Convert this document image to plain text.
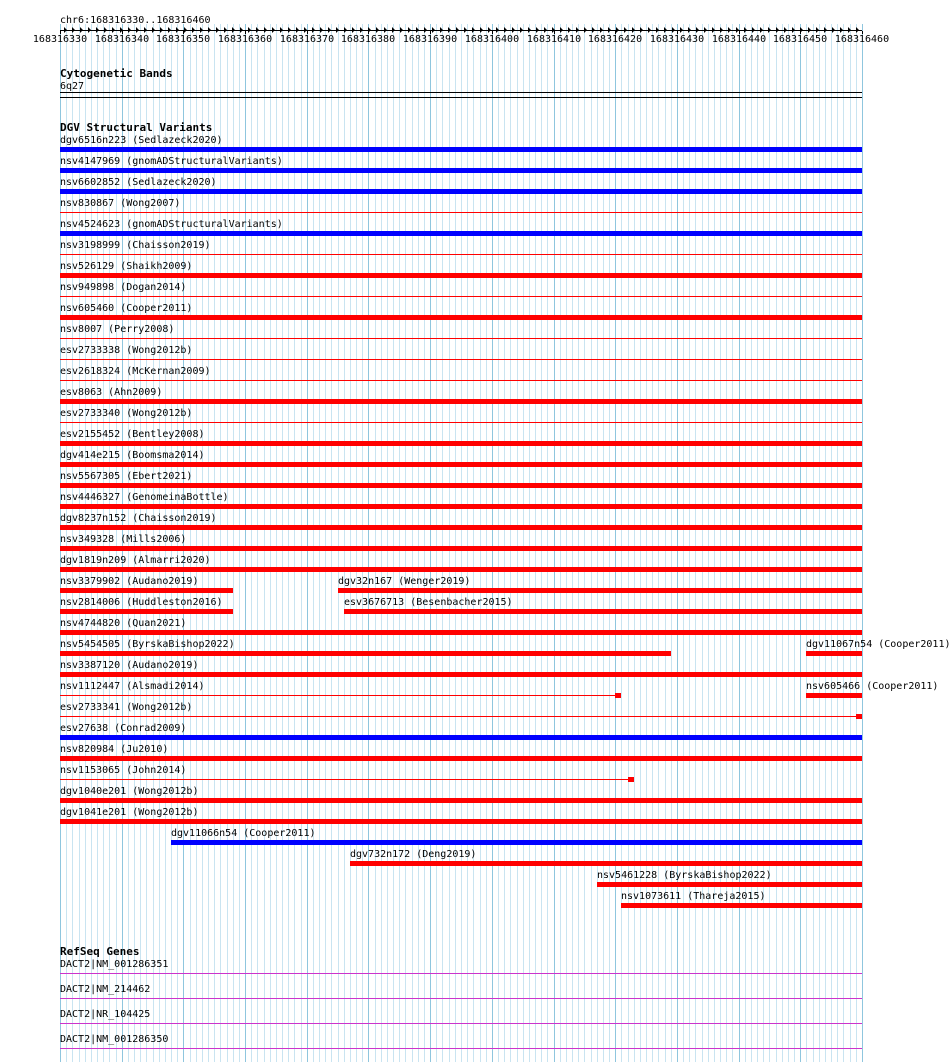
chr6:168316330..168316460
168316330 168316340 168316350 168316360 168316370 168316380 168316390 168316400 168316410 168316420 168316430 168316440 168316450 168316460
Cytogenetic Bands
6q27
DGV Structural Variants
dgv6516n223 (Sedlazeck2020)
nsv4147969 (gnomADStructuralVariants)
nsv6602852 (Sedlazeck2020)
nsv830867 (Wong2007)
nsv4524623 (gnomADStructuralVariants)
nsv3198999 (Chaisson2019)
nsv526129 (Shaikh2009)
nsv949898 (Dogan2014)
nsv605460 (Cooper2011)
nsv8007 (Perry2008)
esv2733338 (Wong2012b)
esv2618324 (McKernan2009)
esv8063 (Ahn2009)
esv2733340 (Wong2012b)
esv2155452 (Bentley2008)
dgv414e215 (Boomsma2014)
nsv5567305 (Ebert2021)
nsv4446327 (GenomeinaBottle)
dgv8237n152 (Chaisson2019)
nsv349328 (Mills2006)
dgv1819n209 (Almarri2020)
nsv3379902 (Audano2019)	dgv32n167 (Wenger2019)
nsv2814006 (Huddleston2016)	esv3676713 (Besenbacher2015)
nsv4744820 (Quan2021)
nsv5454505 (ByrskaBishop2022)	dgv11067n54 (Cooper2011)
nsv3387120 (Audano2019)
nsv1112447 (Alsmadi2014)	nsv605466 (Cooper2011)
esv2733341 (Wong2012b)
esv27638 (Conrad2009)
nsv820984 (Ju2010)
nsv1153065 (John2014)
dgv1040e201 (Wong2012b)
dgv1041e201 (Wong2012b)
dgv11066n54 (Cooper2011)
dgv732n172 (Deng2019)
nsv5461228 (ByrskaBishop2022)
nsv1073611 (Thareja2015)
RefSeq Genes
DACT2|NM_001286351
DACT2|NM_214462
DACT2|NR_104425
DACT2|NM_001286350
